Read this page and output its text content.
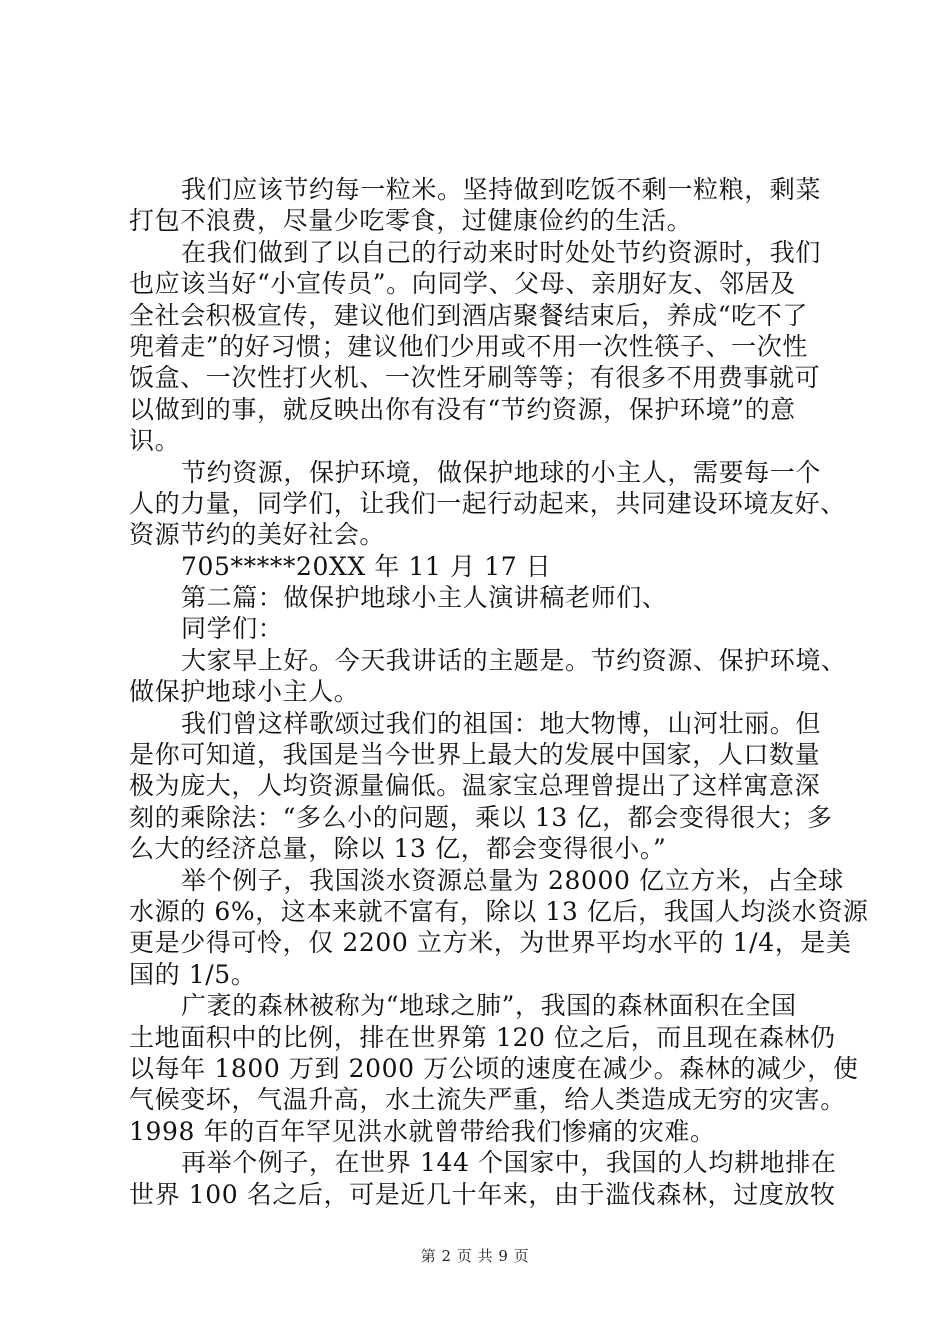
我们应该节约每一粒米。坚持做到吃饭不剩一粒粮，剩菜
打包不浪费，尽量少吃零食，过健康俭约的生活。
在我们做到了以自己的行动来时时处处节约资源时，我们
也应该当好“小宣传员”。向同学、父母、亲朋好友、邻居及
全社会积极宣传，建议他们到酒店聚餐结束后，养成“吃不了
兜着走”的好习惯；建议他们少用或不用一次性筷子、一次性
饭盒、一次性打火机、一次性牙刷等等；有很多不用费事就可
以做到的事，就反映出你有没有“节约资源，保护环境”的意
识。
节约资源，保护环境，做保护地球的小主人，需要每一个
人的力量，同学们，让我们一起行动起来，共同建设环境友好、
资源节约的美好社会。
705*****20XX 年 11 月 17 日
第二篇：做保护地球小主人演讲稿老师们、
同学们：
大家早上好。今天我讲话的主题是。节约资源、保护环境、
做保护地球小主人。
我们曾这样歌颂过我们的祖国：地大物博，山河壮丽。但
是你可知道，我国是当今世界上最大的发展中国家，人口数量
极为庞大，人均资源量偏低。温家宝总理曾提出了这样寓意深
刻的乘除法：“多么小的问题，乘以 13 亿，都会变得很大；多
么大的经济总量，除以 13 亿，都会变得很小。”
举个例子，我国淡水资源总量为 28000 亿立方米，占全球
水源的 6%，这本来就不富有，除以 13 亿后，我国人均淡水资源
更是少得可怜，仅 2200 立方米，为世界平均水平的 1/4，是美
国的 1/5。
广袤的森林被称为“地球之肺”，我国的森林面积在全国
土地面积中的比例，排在世界第 120 位之后，而且现在森林仍
以每年 1800 万到 2000 万公顷的速度在减少。森林的减少，使
气候变坏，气温升高，水土流失严重，给人类造成无穷的灾害。
1998 年的百年罕见洪水就曾带给我们惨痛的灾难。
再举个例子，在世界 144 个国家中，我国的人均耕地排在
世界 100 名之后，可是近几十年来，由于滥伐森林，过度放牧
第 2 页 共 9 页
